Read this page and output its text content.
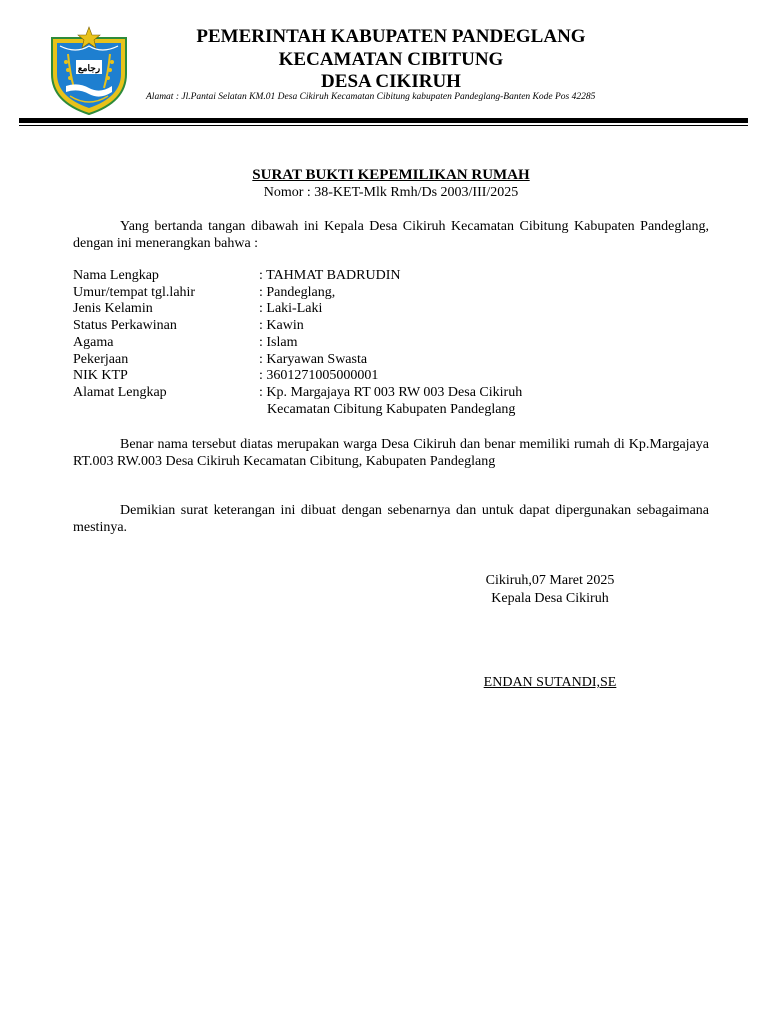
رجامع
PEMERINTAH KABUPATEN PANDEGLANG
KECAMATAN CIBITUNG
DESA CIKIRUH
Alamat : Jl.Pantai Selatan KM.01 Desa Cikiruh Kecamatan Cibitung kabupaten Pandeglang-Banten Kode Pos 42285
SURAT BUKTI KEPEMILIKAN RUMAH
Nomor : 38-KET-Mlk Rmh/Ds 2003/III/2025
Yang bertanda tangan dibawah ini Kepala Desa Cikiruh Kecamatan Cibitung Kabupaten Pandeglang, dengan ini menerangkan bahwa :
Nama Lengkap	: TAHMAT BADRUDIN
Umur/tempat tgl.lahir	: Pandeglang,
Jenis Kelamin	: Laki-Laki
Status Perkawinan	: Kawin
Agama	: Islam
Pekerjaan	: Karyawan Swasta
NIK KTP	: 3601271005000001
Alamat Lengkap	: Kp. Margajaya RT 003 RW 003 Desa Cikiruh
Kecamatan Cibitung Kabupaten Pandeglang
Benar nama tersebut diatas merupakan warga Desa Cikiruh dan benar memiliki rumah di Kp.Margajaya RT.003 RW.003 Desa Cikiruh Kecamatan Cibitung, Kabupaten Pandeglang
Demikian surat keterangan ini dibuat dengan sebenarnya dan untuk dapat dipergunakan sebagaimana mestinya.
Cikiruh,07 Maret 2025
Kepala Desa Cikiruh
ENDAN SUTANDI,SE
